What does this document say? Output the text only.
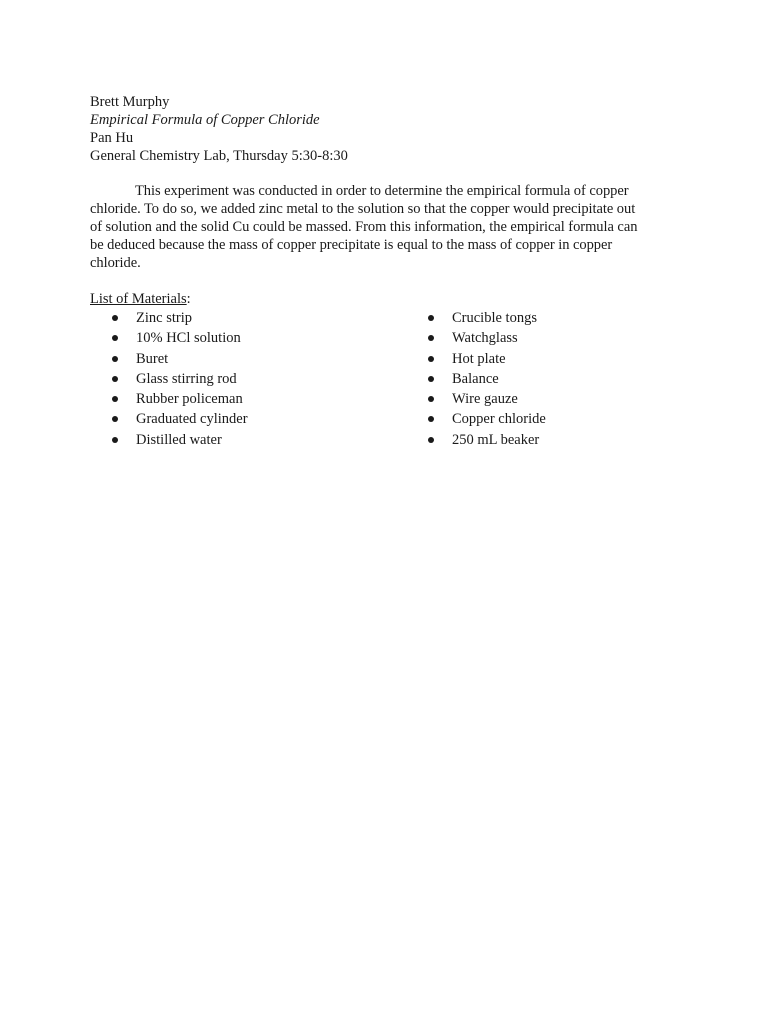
Brett Murphy
Empirical Formula of Copper Chloride
Pan Hu
General Chemistry Lab, Thursday 5:30-8:30

This experiment was conducted in order to determine the empirical formula of copper
chloride. To do so, we added zinc metal to the solution so that the copper would precipitate out
of solution and the solid Cu could be massed. From this information, the empirical formula can
be deduced because the mass of copper precipitate is equal to the mass of copper in copper
chloride.

List of Materials:
Zinc strip
10% HCl solution
Buret
Glass stirring rod
Rubber policeman
Graduated cylinder
Distilled water
Crucible tongs
Watchglass
Hot plate
Balance
Wire gauze
Copper chloride
250 mL beaker
